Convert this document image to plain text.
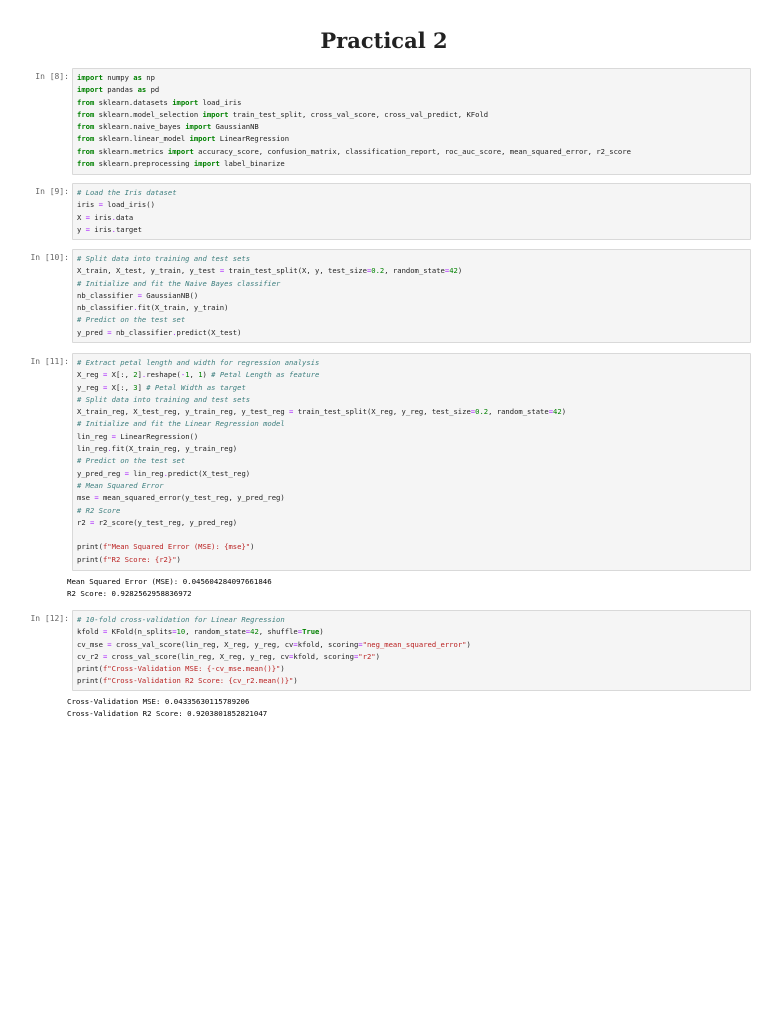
Practical 2
In [8]: import numpy as np
import pandas as pd
from sklearn.datasets import load_iris
from sklearn.model_selection import train_test_split, cross_val_score, cross_val_predict, KFold
from sklearn.naive_bayes import GaussianNB
from sklearn.linear_model import LinearRegression
from sklearn.metrics import accuracy_score, confusion_matrix, classification_report, roc_auc_score, mean_squared_error, r2_score
from sklearn.preprocessing import label_binarize
In [9]: # Load the Iris dataset
iris = load_iris()
X = iris.data
y = iris.target
In [10]: # Split data into training and test sets
X_train, X_test, y_train, y_test = train_test_split(X, y, test_size=0.2, random_state=42)
# Initialize and fit the Naive Bayes classifier
nb_classifier = GaussianNB()
nb_classifier.fit(X_train, y_train)
# Predict on the test set
y_pred = nb_classifier.predict(X_test)
In [11]: # Extract petal length and width for regression analysis
X_reg = X[:, 2].reshape(-1, 1) # Petal Length as feature
y_reg = X[:, 3] # Petal Width as target
# Split data into training and test sets
X_train_reg, X_test_reg, y_train_reg, y_test_reg = train_test_split(X_reg, y_reg, test_size=0.2, random_state=42)
# Initialize and fit the Linear Regression model
lin_reg = LinearRegression()
lin_reg.fit(X_train_reg, y_train_reg)
# Predict on the test set
y_pred_reg = lin_reg.predict(X_test_reg)
# Mean Squared Error
mse = mean_squared_error(y_test_reg, y_pred_reg)
# R2 Score
r2 = r2_score(y_test_reg, y_pred_reg)
print(f"Mean Squared Error (MSE): {mse}")
print(f"R2 Score: {r2}")
Mean Squared Error (MSE): 0.045604284097661846
R2 Score: 0.9282562958836972
In [12]: # 10-fold cross-validation for Linear Regression
kfold = KFold(n_splits=10, random_state=42, shuffle=True)
cv_mse = cross_val_score(lin_reg, X_reg, y_reg, cv=kfold, scoring="neg_mean_squared_error")
cv_r2 = cross_val_score(lin_reg, X_reg, y_reg, cv=kfold, scoring="r2")
print(f"Cross-Validation MSE: {-cv_mse.mean()}")
print(f"Cross-Validation R2 Score: {cv_r2.mean()}")
Cross-Validation MSE: 0.04335630115789206
Cross-Validation R2 Score: 0.9203801852821047
